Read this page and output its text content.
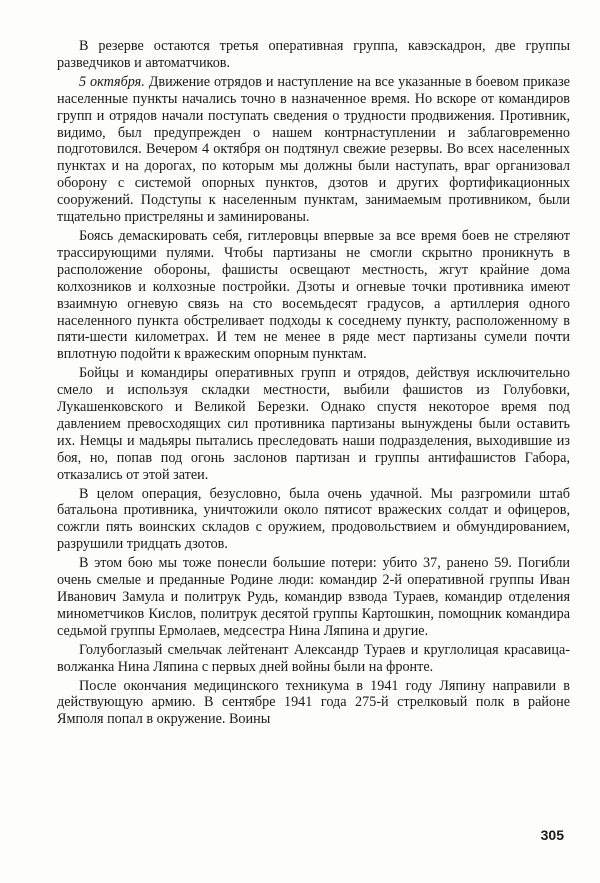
В резерве остаются третья оперативная группа, кавэскадрон, две группы разведчиков и автоматчиков.

5 октября. Движение отрядов и наступление на все указанные в боевом приказе населенные пункты начались точно в назначенное время. Но вскоре от командиров групп и отрядов начали поступать сведения о трудности продвижения. Противник, видимо, был предупрежден о нашем контрнаступлении и заблаговременно подготовился. Вечером 4 октября он подтянул свежие резервы. Во всех населенных пунктах и на дорогах, по которым мы должны были наступать, враг организовал оборону с системой опорных пунктов, дзотов и других фортификационных сооружений. Подступы к населенным пунктам, занимаемым противником, были тщательно пристреляны и заминированы.

Боясь демаскировать себя, гитлеровцы впервые за все время боев не стреляют трассирующими пулями. Чтобы партизаны не смогли скрытно проникнуть в расположение обороны, фашисты освещают местность, жгут крайние дома колхозников и колхозные постройки. Дзоты и огневые точки противника имеют взаимную огневую связь на сто восемьдесят градусов, а артиллерия одного населенного пункта обстреливает подходы к соседнему пункту, расположенному в пяти-шести километрах. И тем не менее в ряде мест партизаны сумели почти вплотную подойти к вражеским опорным пунктам.

Бойцы и командиры оперативных групп и отрядов, действуя исключительно смело и используя складки местности, выбили фашистов из Голубовки, Лукашенковского и Великой Березки. Однако спустя некоторое время под давлением превосходящих сил противника партизаны вынуждены были оставить их. Немцы и мадьяры пытались преследовать наши подразделения, выходившие из боя, но, попав под огонь заслонов партизан и группы антифашистов Габора, отказались от этой затеи.

В целом операция, безусловно, была очень удачной. Мы разгромили штаб батальона противника, уничтожили около пятисот вражеских солдат и офицеров, сожгли пять воинских складов с оружием, продовольствием и обмундированием, разрушили тридцать дзотов.

В этом бою мы тоже понесли большие потери: убито 37, ранено 59. Погибли очень смелые и преданные Родине люди: командир 2-й оперативной группы Иван Иванович Замула и политрук Рудь, командир взвода Тураев, командир отделения минометчиков Кислов, политрук десятой группы Картошкин, помощник командира седьмой группы Ермолаев, медсестра Нина Ляпина и другие.

Голубоглазый смельчак лейтенант Александр Тураев и круглолицая красавица-волжанка Нина Ляпина с первых дней войны были на фронте.

После окончания медицинского техникума в 1941 году Ляпину направили в действующую армию. В сентябре 1941 года 275-й стрелковый полк в районе Ямполя попал в окружение. Воины

305
